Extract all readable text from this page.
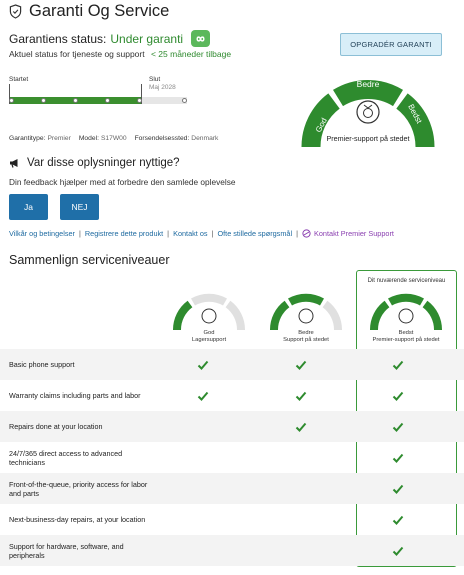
Garanti Og Service
Garantiens status: Under garanti
Aktuel status for tjeneste og support < 25 måneder tilbage
OPGRADÉR GARANTI
Startet	Slut
Maj 2028
Garantitype: Premier Model: S17W00 Forsendelsessted: Denmark
God
Bedre
Bedst
Premier-support på stedet
Var disse oplysninger nyttige?
Din feedback hjælper med at forbedre den samlede oplevelse
Ja	NEJ
Vilkår og betingelser | Registrere dette produkt | Kontakt os | Ofte stillede spørgsmål | Kontakt Premier Support
Sammenlign serviceniveauer
Dit nuværende serviceniveau
God
Lagersupport
Bedre
Support på stedet
Bedst
Premier-support på stedet
Basic phone support
Warranty claims including parts and labor
Repairs done at your location
24/7/365 direct access to advanced technicians
Front-of-the-queue, priority access for labor and parts
Next-business-day repairs, at your location
Support for hardware, software, and peripherals
